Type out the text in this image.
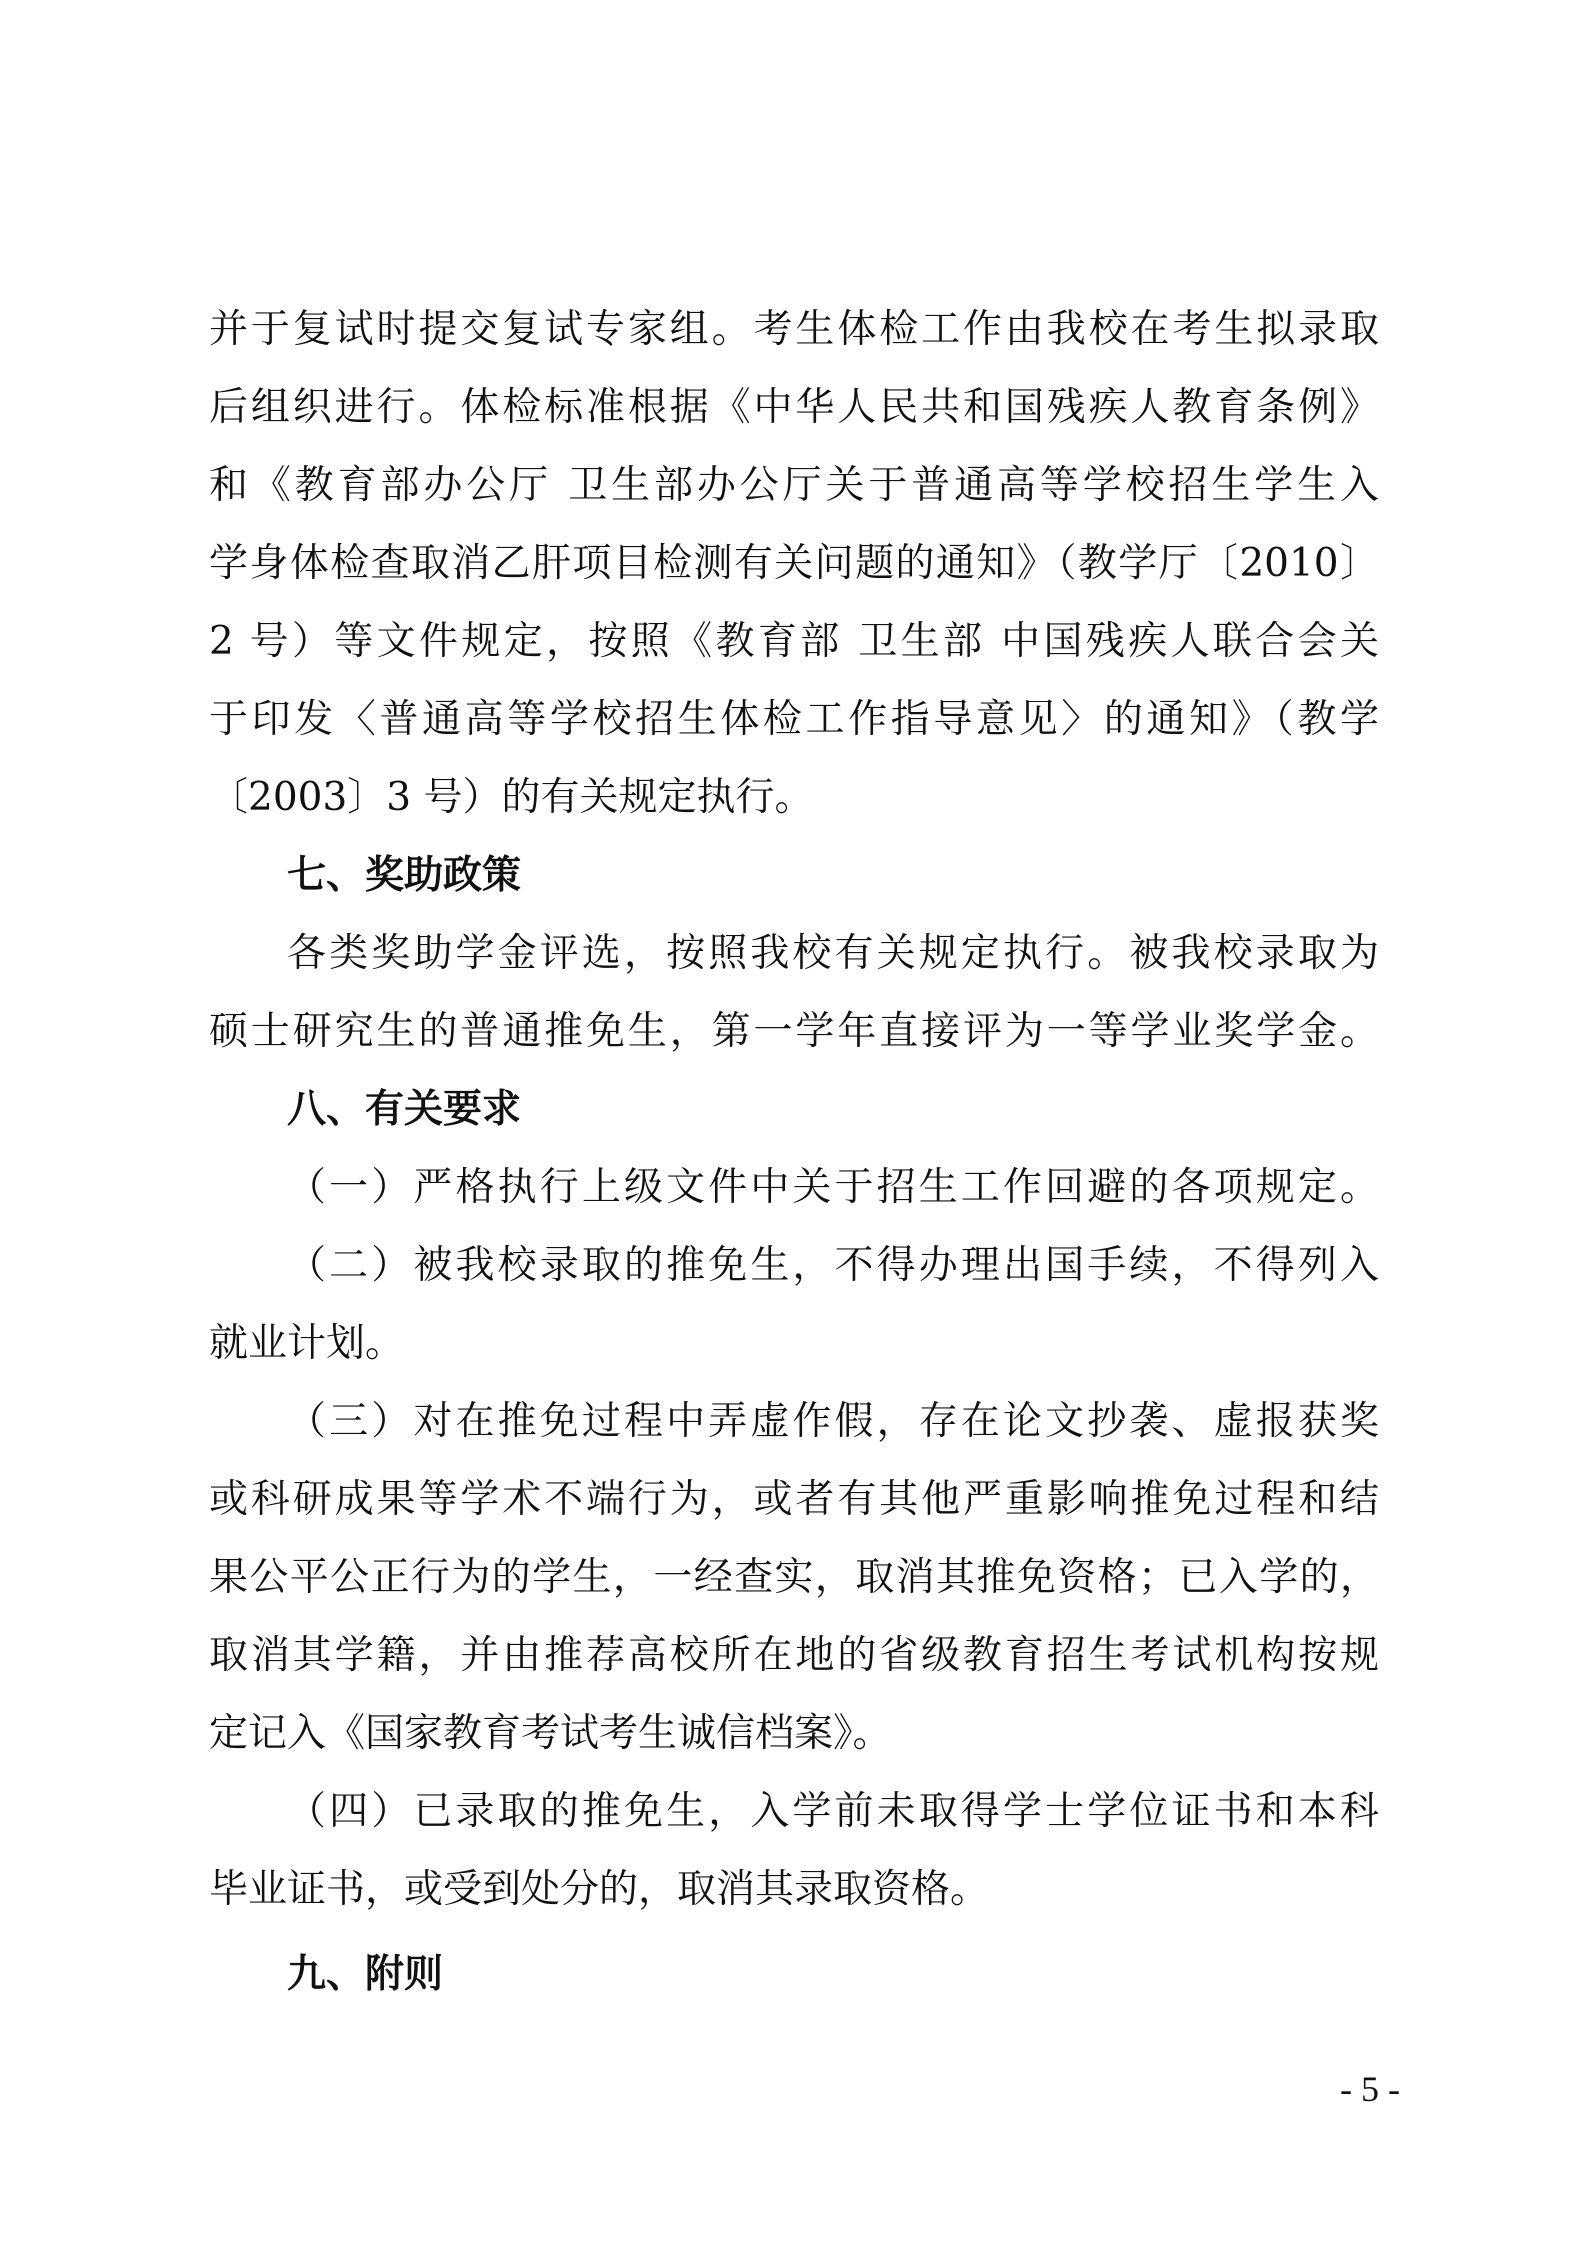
并于复试时提交复试专家组。考生体检工作由我校在考生拟录取
后组织进行。体检标准根据《中华人民共和国残疾人教育条例》
和《教育部办公厅 卫生部办公厅关于普通高等学校招生学生入
学身体检查取消乙肝项目检测有关问题的通知》（教学厅〔2010〕
2 号）等文件规定，按照《教育部 卫生部 中国残疾人联合会关
于印发〈普通高等学校招生体检工作指导意见〉的通知》（教学
〔2003〕3 号）的有关规定执行。
七、奖助政策
各类奖助学金评选，按照我校有关规定执行。被我校录取为
硕士研究生的普通推免生，第一学年直接评为一等学业奖学金。
八、有关要求
（一）严格执行上级文件中关于招生工作回避的各项规定。
（二）被我校录取的推免生，不得办理出国手续，不得列入
就业计划。
（三）对在推免过程中弄虚作假，存在论文抄袭、虚报获奖
或科研成果等学术不端行为，或者有其他严重影响推免过程和结
果公平公正行为的学生，一经查实，取消其推免资格；已入学的，
取消其学籍，并由推荐高校所在地的省级教育招生考试机构按规
定记入《国家教育考试考生诚信档案》。
（四）已录取的推免生，入学前未取得学士学位证书和本科
毕业证书，或受到处分的，取消其录取资格。
九、附则
- 5 -
